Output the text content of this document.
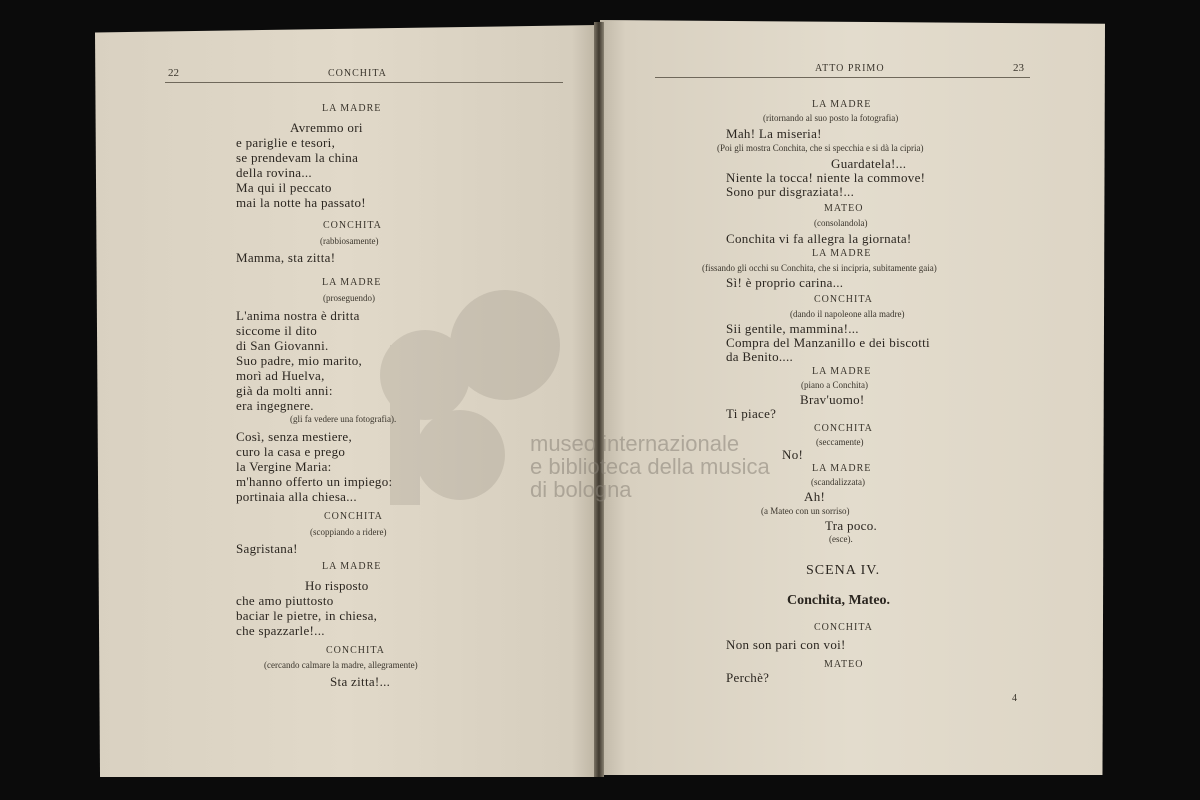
museo internazionale
e biblioteca della musica
di bologna
22	CONCHITA
LA MADRE
Avremmo ori
e pariglie e tesori,
se prendevam la china
della rovina...
Ma qui il peccato
mai la notte ha passato!
CONCHITA
(rabbiosamente)
Mamma, sta zitta!
LA MADRE
(proseguendo)
L'anima nostra è dritta
siccome il dito
di San Giovanni.
Suo padre, mio marito,
morì ad Huelva,
già da molti anni:
era ingegnere.
(gli fa vedere una fotografia).
Così, senza mestiere,
curo la casa e prego
la Vergine Maria:
m'hanno offerto un impiego:
portinaia alla chiesa...
CONCHITA
(scoppiando a ridere)
Sagristana!
LA MADRE
Ho risposto
che amo piuttosto
baciar le pietre, in chiesa,
che spazzarle!...
CONCHITA
(cercando calmare la madre, allegramente)
Sta zitta!...
ATTO PRIMO	23
LA MADRE
(ritornando al suo posto la fotografia)
Mah! La miseria!
(Poi gli mostra Conchita, che si specchia e si dà la cipria)
Guardatela!...
Niente la tocca! niente la commove!
Sono pur disgraziata!...
MATEO
(consolandola)
Conchita vi fa allegra la giornata!
LA MADRE
(fissando gli occhi su Conchita, che si incipria, subitamente gaia)
Sì! è proprio carina...
CONCHITA
(dando il napoleone alla madre)
Sii gentile, mammina!...
Compra del Manzanillo e dei biscotti
da Benito....
LA MADRE
(piano a Conchita)
Brav'uomo!
Ti piace?
CONCHITA
(seccamente)
No!
LA MADRE
(scandalizzata)
Ah!
(a Mateo con un sorriso)
Tra poco.
(esce).
SCENA IV.
Conchita, Mateo.
CONCHITA
Non son pari con voi!
MATEO
Perchè?
4
